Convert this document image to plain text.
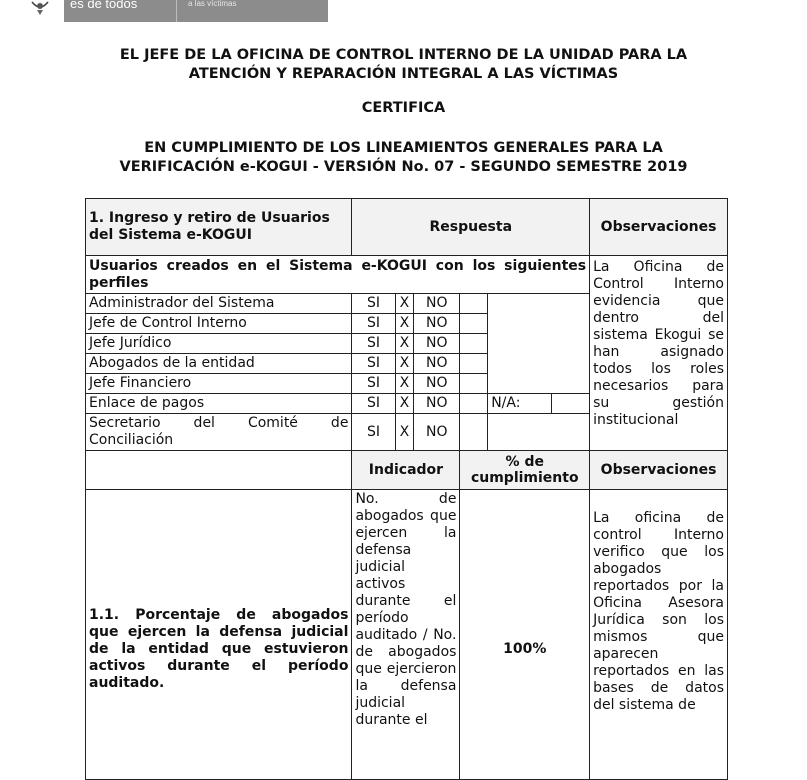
es de todos	a las víctimas
EL JEFE DE LA OFICINA DE CONTROL INTERNO DE LA UNIDAD PARA LA
ATENCIÓN Y REPARACIÓN INTEGRAL A LAS VÍCTIMAS
CERTIFICA
EN CUMPLIMIENTO DE LOS LINEAMIENTOS GENERALES PARA LA
VERIFICACIÓN e-KOGUI - VERSIÓN No. 07 - SEGUNDO SEMESTRE 2019
1. Ingreso y retiro de Usuarios del Sistema e-KOGUI	Respuesta						Observaciones
Usuarios creados en el Sistema e-KOGUI con los siguientes perfiles							La Oficina de Control Interno evidencia que dentro del sistema Ekogui se han asignado todos los roles necesarios para su gestión institucional
Administrador del Sistema	SI	X	NO				
Jefe de Control Interno	SI	X	NO				
Jefe Jurídico	SI	X	NO				
Abogados de la entidad	SI	X	NO				
Jefe Financiero	SI	X	NO				
Enlace de pagos	SI	X	NO		N/A:		
Secretario del Comité de Conciliación	SI	X	NO				
	Indicador			% de cumplimiento			Observaciones
1.1. Porcentaje de abogados que ejercen la defensa judicial de la entidad que estuvieron activos durante el período auditado.	No. de abogados que ejercen la defensa judicial activos durante el período auditado / No. de abogados que ejercieron la defensa judicial durante el			100%			La oficina de control Interno verifico que los abogados reportados por la Oficina Asesora Jurídica son los mismos que aparecen reportados en las bases de datos del sistema de
